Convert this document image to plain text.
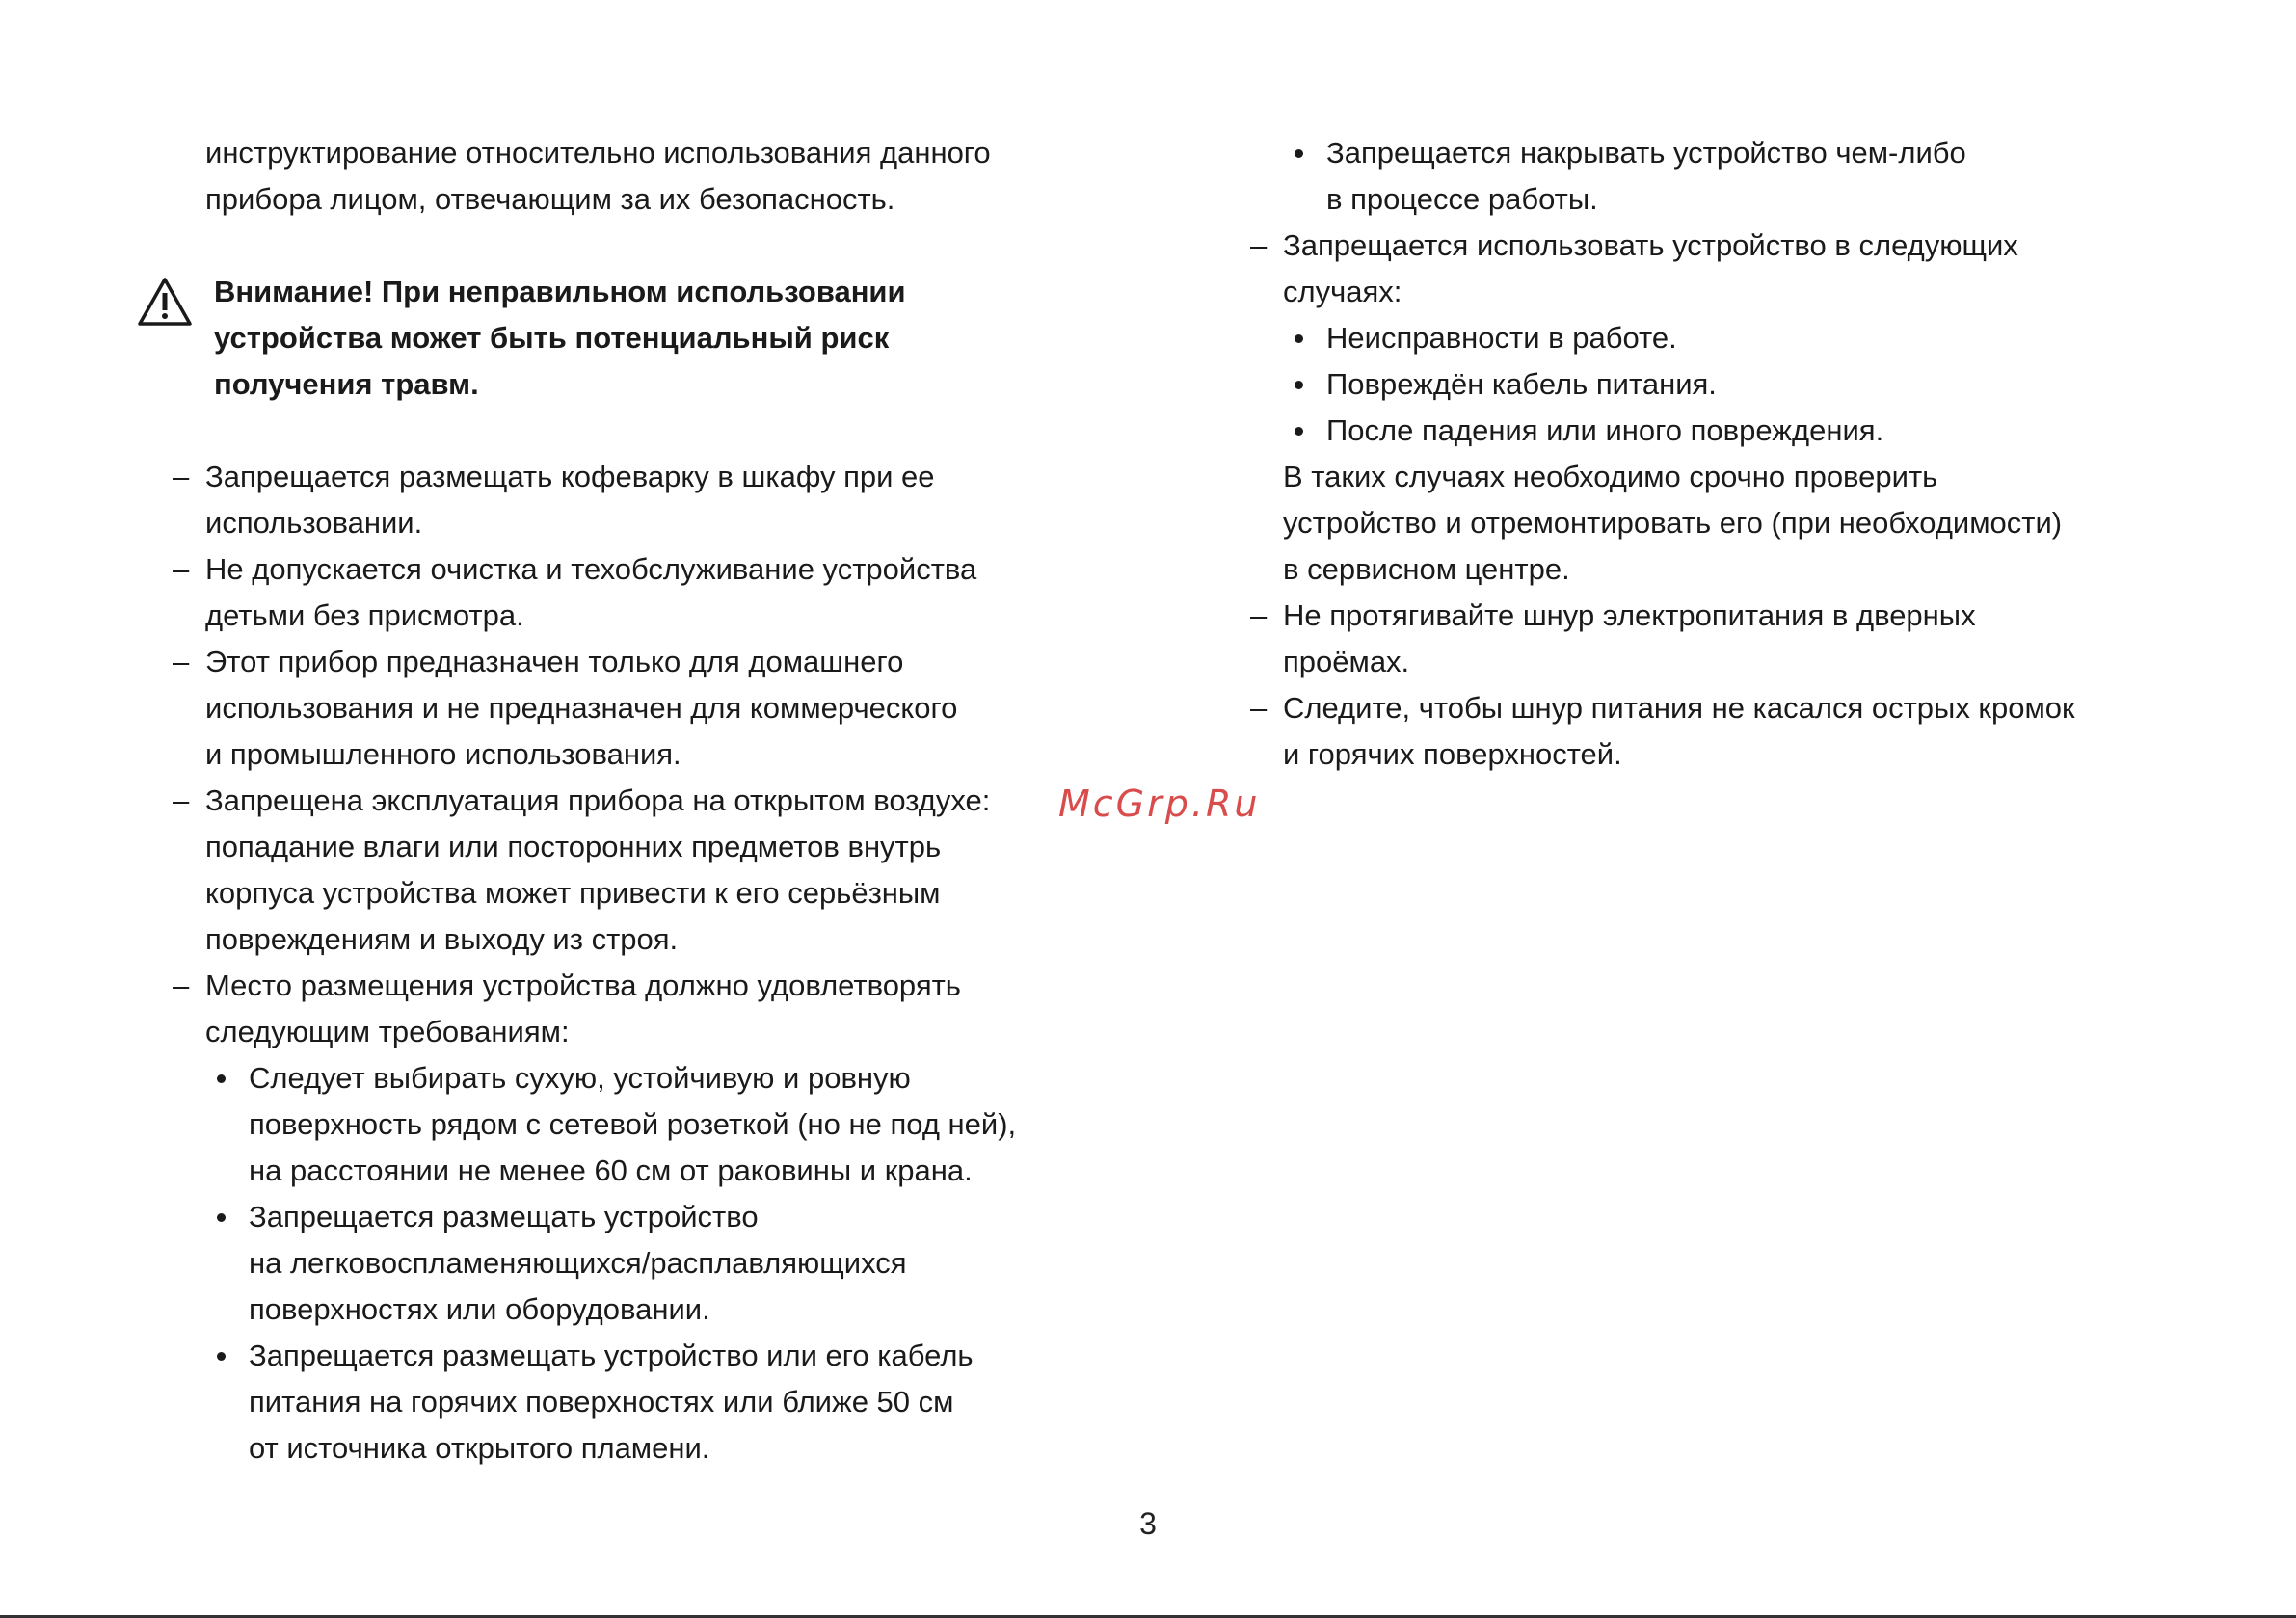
инструктирование относительно использования данного
прибора лицом, отвечающим за их безопасность.
Внимание! При неправильном использовании
устройства может быть потенциальный риск
получения травм.
– Запрещается размещать кофеварку в шкафу при ее
использовании.
– Не допускается очистка и техобслуживание устройства
детьми без присмотра.
– Этот прибор предназначен только для домашнего
использования и не предназначен для коммерческого
и промышленного использования.
– Запрещена эксплуатация прибора на открытом воздухе:
попадание влаги или посторонних предметов внутрь
корпуса устройства может привести к его серьёзным
повреждениям и выходу из строя.
– Место размещения устройства должно удовлетворять
следующим требованиям:
Следует выбирать сухую, устойчивую и ровную
поверхность рядом с сетевой розеткой (но не под ней),
на расстоянии не менее 60 см от раковины и крана.
Запрещается размещать устройство
на легковоспламеняющихся/расплавляющихся
поверхностях или оборудовании.
Запрещается размещать устройство или его кабель
питания на горячих поверхностях или ближе 50 см
от источника открытого пламени.
Запрещается накрывать устройство чем-либо
в процессе работы.
– Запрещается использовать устройство в следующих
случаях:
Неисправности в работе.
Повреждён кабель питания.
После падения или иного повреждения.
В таких случаях необходимо срочно проверить
устройство и отремонтировать его (при необходимости)
в сервисном центре.
– Не протягивайте шнур электропитания в дверных
проёмах.
– Следите, чтобы шнур питания не касался острых кромок
и горячих поверхностей.
McGrp.Ru
3
